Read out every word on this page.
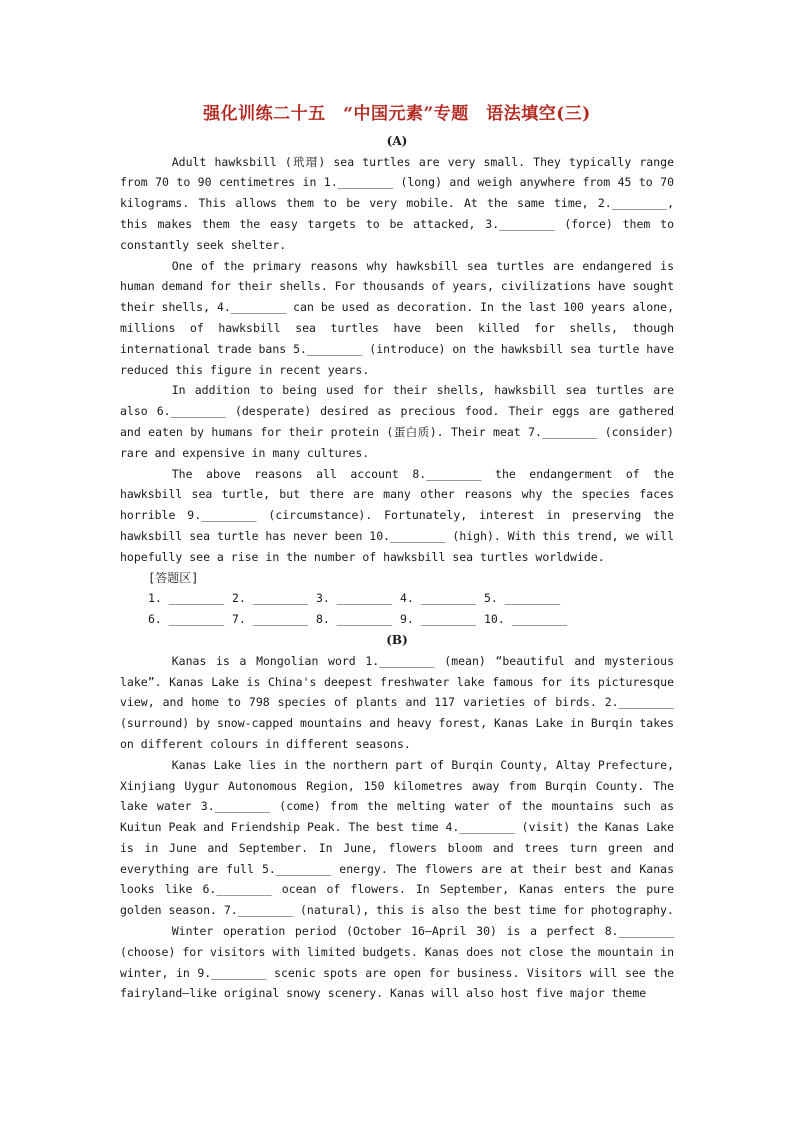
强化训练二十五　“中国元素”专题　语法填空(三)
(A)

Adult hawksbill (玳瑁) sea turtles are very small. They typically range from 70 to 90 centimetres in 1.________ (long) and weigh anywhere from 45 to 70 kilograms. This allows them to be very mobile. At the same time, 2.________, this makes them the easy targets to be attacked, 3.________ (force) them to constantly seek shelter.

One of the primary reasons why hawksbill sea turtles are endangered is human demand for their shells. For thousands of years, civilizations have sought their shells, 4.________ can be used as decoration. In the last 100 years alone, millions of hawksbill sea turtles have been killed for shells, though international trade bans 5.________ (introduce) on the hawksbill sea turtle have reduced this figure in recent years.

In addition to being used for their shells, hawksbill sea turtles are also 6.________ (desperate) desired as precious food. Their eggs are gathered and eaten by humans for their protein (蛋白质). Their meat 7.________ (consider) rare and expensive in many cultures.

The above reasons all account 8.________ the endangerment of the hawksbill sea turtle, but there are many other reasons why the species faces horrible 9.________ (circumstance). Fortunately, interest in preserving the hawksbill sea turtle has never been 10.________ (high). With this trend, we will hopefully see a rise in the number of hawksbill sea turtles worldwide.

[答题区]
1. ________ 2. ________ 3. ________ 4. ________ 5. ________
6. ________ 7. ________ 8. ________ 9. ________ 10. ________
(B)

Kanas is a Mongolian word 1.________ (mean) “beautiful and mysterious lake”. Kanas Lake is China's deepest freshwater lake famous for its picturesque view, and home to 798 species of plants and 117 varieties of birds. 2.________ (surround) by snow-capped mountains and heavy forest, Kanas Lake in Burqin takes on different colours in different seasons.

Kanas Lake lies in the northern part of Burqin County, Altay Prefecture, Xinjiang Uygur Autonomous Region, 150 kilometres away from Burqin County. The lake water 3.________ (come) from the melting water of the mountains such as Kuitun Peak and Friendship Peak. The best time 4.________ (visit) the Kanas Lake is in June and September. In June, flowers bloom and trees turn green and everything are full 5.________ energy. The flowers are at their best and Kanas looks like 6.________ ocean of flowers. In September, Kanas enters the pure golden season. 7.________ (natural), this is also the best time for photography.

Winter operation period (October 16—April 30) is a perfect 8.________ (choose) for visitors with limited budgets. Kanas does not close the mountain in winter, in 9.________ scenic spots are open for business. Visitors will see the fairyland—like original snowy scenery. Kanas will also host five major theme
